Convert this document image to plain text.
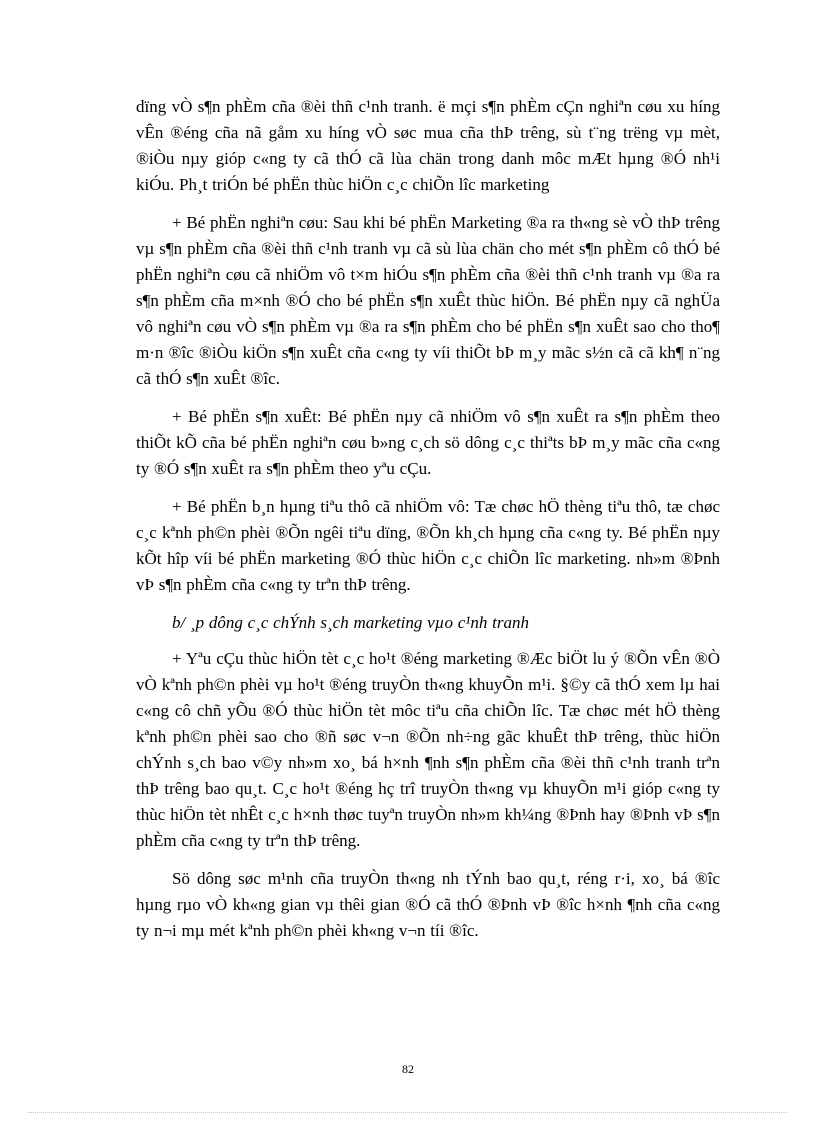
dïng vÒ s¶n phÈm cña ®èi thñ c¹nh tranh. ë mçi s¶n phÈm cÇn nghiªn cøu xu híng vÊn ®éng cña nã gåm xu híng vÒ søc mua cña thÞ trêng, sù t¨ng trëng vµ mèt, ®iÒu nµy gióp c«ng ty cã thÓ cã lùa chän trong danh môc mÆt hµng ®Ó nh¹i kiÓu. Ph¸t triÓn bé phËn thùc hiÖn c¸c chiÕn lîc marketing

+ Bé phËn nghiªn cøu: Sau khi bé phËn Marketing ®a ra th«ng sè vÒ thÞ trêng vµ s¶n phÈm cña ®èi thñ c¹nh tranh vµ cã sù lùa chän cho mét s¶n phÈm cô thÓ bé phËn nghiªn cøu cã nhiÖm vô t×m hiÓu s¶n phÈm cña ®èi thñ c¹nh tranh vµ ®a ra s¶n phÈm cña m×nh ®Ó cho bé phËn s¶n xuÊt thùc hiÖn. Bé phËn nµy cã nghÜa vô nghiªn cøu vÒ s¶n phÈm vµ ®a ra s¶n phÈm cho bé phËn s¶n xuÊt sao cho tho¶ m·n ®îc ®iÒu kiÖn s¶n xuÊt cña c«ng ty víi thiÕt bÞ m¸y mãc s½n cã cã kh¶ n¨ng cã thÓ s¶n xuÊt ®îc.

+ Bé phËn s¶n xuÊt: Bé phËn nµy cã nhiÖm vô s¶n xuÊt ra s¶n phÈm theo thiÕt kÕ cña bé phËn nghiªn cøu b»ng c¸ch sö dông c¸c thiªts bÞ m¸y mãc cña c«ng ty ®Ó s¶n xuÊt ra s¶n phÈm theo yªu cÇu.

+ Bé phËn b¸n hµng tiªu thô cã nhiÖm vô: Tæ chøc hÖ thèng tiªu thô, tæ chøc c¸c kªnh ph©n phèi ®Õn ngêi tiªu dïng, ®Õn kh¸ch hµng cña c«ng ty. Bé phËn nµy kÕt hîp víi bé phËn marketing ®Ó thùc hiÖn c¸c chiÕn lîc marketing. nh»m ®Þnh vÞ s¶n phÈm cña c«ng ty trªn thÞ trêng.

b/ ¸p dông c¸c chÝnh s¸ch marketing vµo c¹nh tranh

+ Yªu cÇu thùc hiÖn tèt c¸c ho¹t ®éng marketing ®Æc biÖt lu ý ®Õn vÊn ®Ò vÒ kªnh ph©n phèi vµ ho¹t ®éng truyÒn th«ng khuyÕn m¹i. §©y cã thÓ xem lµ hai c«ng cô chñ yÕu ®Ó thùc hiÖn tèt môc tiªu cña chiÕn lîc. Tæ chøc mét hÖ thèng kªnh ph©n phèi sao cho ®ñ søc v¬n ®Õn nh÷ng gãc khuÊt thÞ trêng, thùc hiÖn chÝnh s¸ch bao v©y nh»m xo¸ bá h×nh ¶nh s¶n phÈm cña ®èi thñ c¹nh tranh trªn thÞ trêng bao qu¸t. C¸c ho¹t ®éng hç trî truyÒn th«ng vµ khuyÕn m¹i gióp c«ng ty thùc hiÖn tèt nhÊt c¸c h×nh thøc tuyªn truyÒn nh»m kh¼ng ®Þnh hay ®Þnh vÞ s¶n phÈm cña c«ng ty trªn thÞ trêng.

Sö dông søc m¹nh cña truyÒn th«ng nh tÝnh bao qu¸t, réng r·i, xo¸ bá ®îc hµng rµo vÒ kh«ng gian vµ thêi gian ®Ó cã thÓ ®Þnh vÞ ®îc h×nh ¶nh cña c«ng ty n¬i mµ mét kªnh ph©n phèi kh«ng v¬n tíi ®îc.

82
